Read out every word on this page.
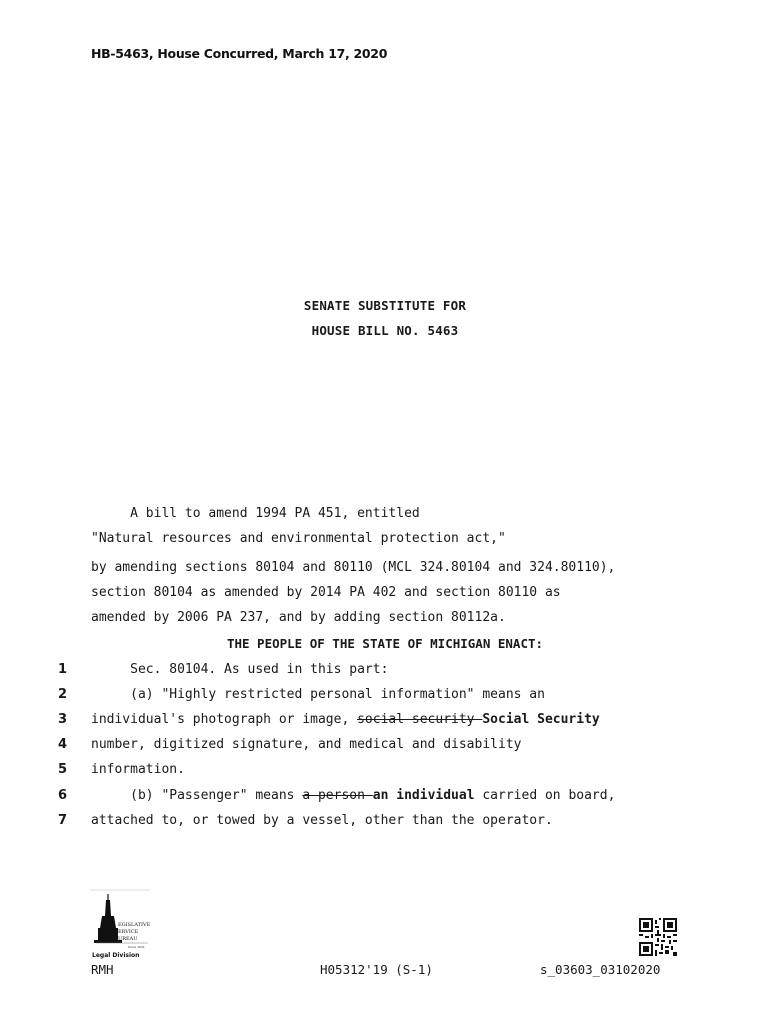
HB-5463, House Concurred, March 17, 2020
SENATE SUBSTITUTE FOR
HOUSE BILL NO. 5463
A bill to amend 1994 PA 451, entitled
"Natural resources and environmental protection act,"
by amending sections 80104 and 80110 (MCL 324.80104 and 324.80110),
section 80104 as amended by 2014 PA 402 and section 80110 as
amended by 2006 PA 237, and by adding section 80112a.
THE PEOPLE OF THE STATE OF MICHIGAN ENACT:
1 Sec. 80104. As used in this part:
2 (a) "Highly restricted personal information" means an
3 individual's photograph or image, social security Social Security
4 number, digitized signature, and medical and disability
5 information.
6 (b) "Passenger" means a person an individual carried on board,
7 attached to, or towed by a vessel, other than the operator.
EGISLATIVE
ERVICE
UREAU
Since 1941
Legal Division
RMH	H05312'19 (S-1)	s_03603_03102020
